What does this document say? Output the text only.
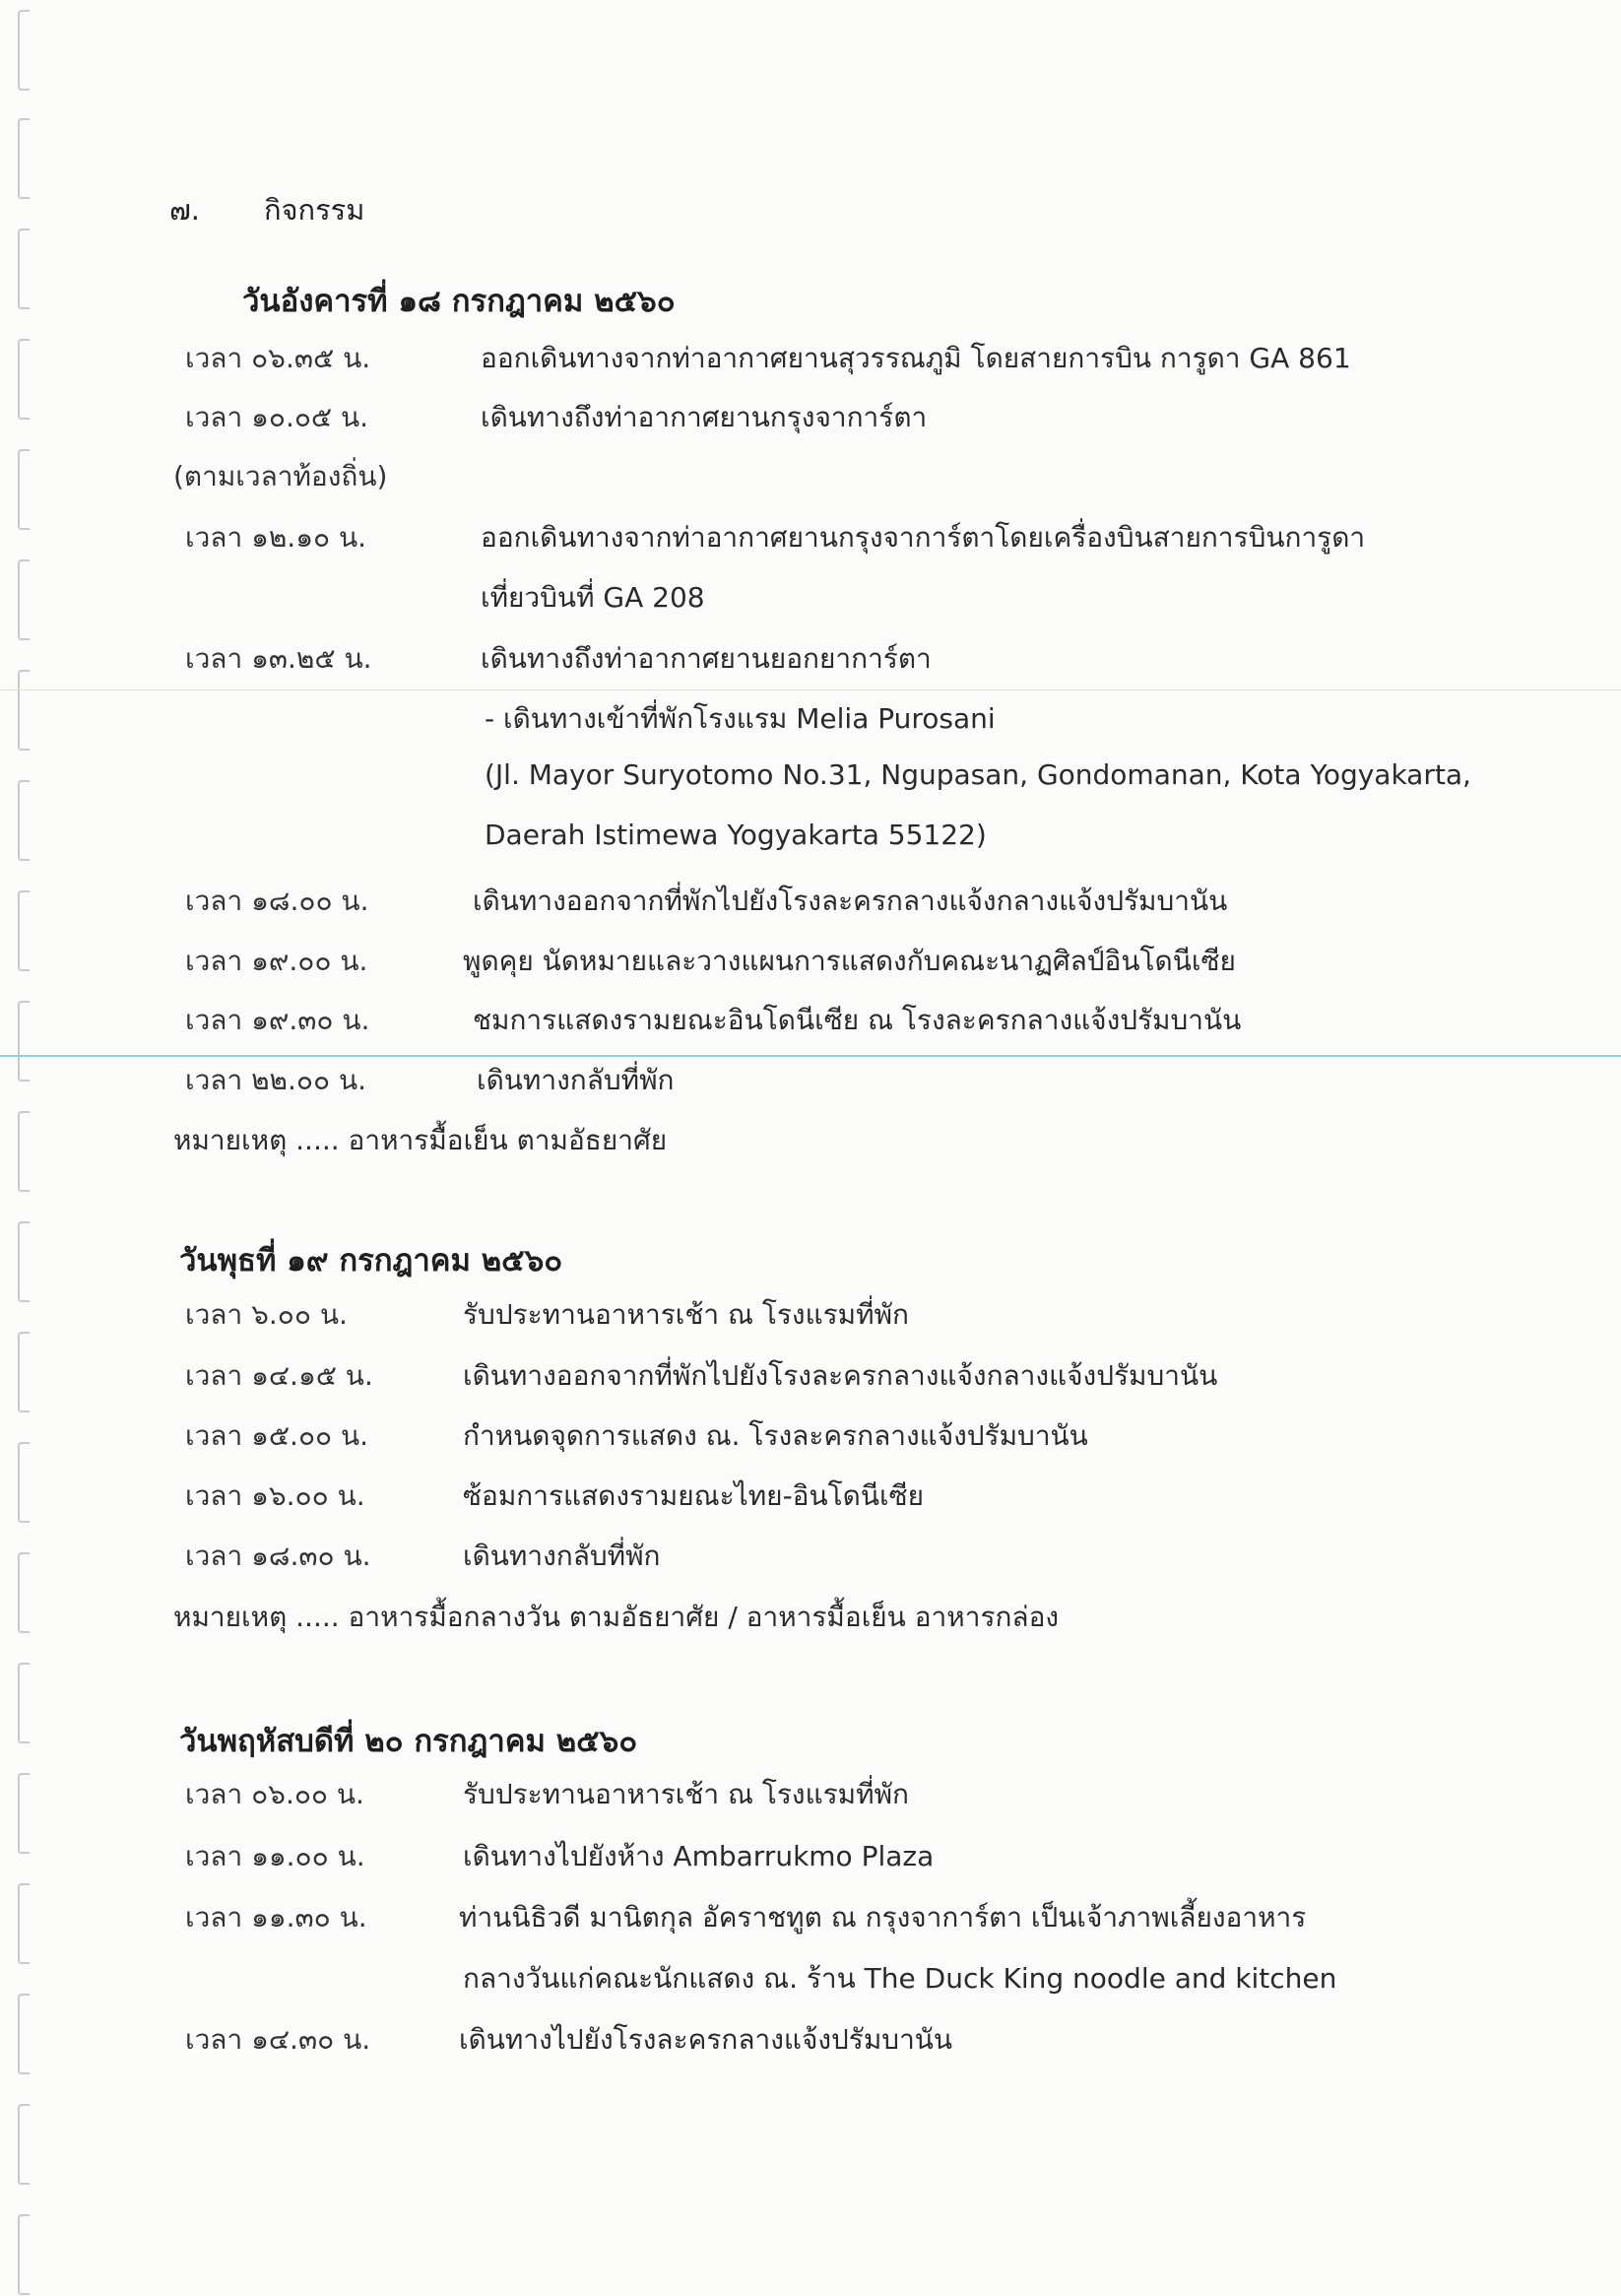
๗. กิจกรรม
วันอังคารที่ ๑๘ กรกฎาคม ๒๕๖๐
เวลา ๐๖.๓๕ น.	ออกเดินทางจากท่าอากาศยานสุวรรณภูมิ โดยสายการบิน การูดา GA 861
เวลา ๑๐.๐๕ น.	เดินทางถึงท่าอากาศยานกรุงจาการ์ตา
(ตามเวลาท้องถิ่น)
เวลา ๑๒.๑๐ น.	ออกเดินทางจากท่าอากาศยานกรุงจาการ์ตาโดยเครื่องบินสายการบินการูดา
เที่ยวบินที่ GA 208
เวลา ๑๓.๒๕ น.	เดินทางถึงท่าอากาศยานยอกยาการ์ตา
- เดินทางเข้าที่พักโรงแรม Melia Purosani
(Jl. Mayor Suryotomo No.31, Ngupasan, Gondomanan, Kota Yogyakarta,
Daerah Istimewa Yogyakarta 55122)
เวลา ๑๘.๐๐ น.	เดินทางออกจากที่พักไปยังโรงละครกลางแจ้งกลางแจ้งปรัมบานัน
เวลา ๑๙.๐๐ น.	พูดคุย นัดหมายและวางแผนการแสดงกับคณะนาฏศิลป์อินโดนีเซีย
เวลา ๑๙.๓๐ น.	ชมการแสดงรามยณะอินโดนีเซีย ณ โรงละครกลางแจ้งปรัมบานัน
เวลา ๒๒.๐๐ น.	เดินทางกลับที่พัก
หมายเหตุ ..... อาหารมื้อเย็น ตามอัธยาศัย
วันพุธที่ ๑๙ กรกฎาคม ๒๕๖๐
เวลา ๖.๐๐ น.	รับประทานอาหารเช้า ณ โรงแรมที่พัก
เวลา ๑๔.๑๕ น.	เดินทางออกจากที่พักไปยังโรงละครกลางแจ้งกลางแจ้งปรัมบานัน
เวลา ๑๕.๐๐ น.	กำหนดจุดการแสดง ณ. โรงละครกลางแจ้งปรัมบานัน
เวลา ๑๖.๐๐ น.	ซ้อมการแสดงรามยณะไทย-อินโดนีเซีย
เวลา ๑๘.๓๐ น.	เดินทางกลับที่พัก
หมายเหตุ ..... อาหารมื้อกลางวัน ตามอัธยาศัย / อาหารมื้อเย็น อาหารกล่อง
วันพฤหัสบดีที่ ๒๐ กรกฎาคม ๒๕๖๐
เวลา ๐๖.๐๐ น.	รับประทานอาหารเช้า ณ โรงแรมที่พัก
เวลา ๑๑.๐๐ น.	เดินทางไปยังห้าง Ambarrukmo Plaza
เวลา ๑๑.๓๐ น.	ท่านนิธิวดี มานิตกุล อัคราชทูต ณ กรุงจาการ์ตา เป็นเจ้าภาพเลี้ยงอาหาร
กลางวันแก่คณะนักแสดง ณ. ร้าน The Duck King noodle and kitchen
เวลา ๑๔.๓๐ น.	เดินทางไปยังโรงละครกลางแจ้งปรัมบานัน
